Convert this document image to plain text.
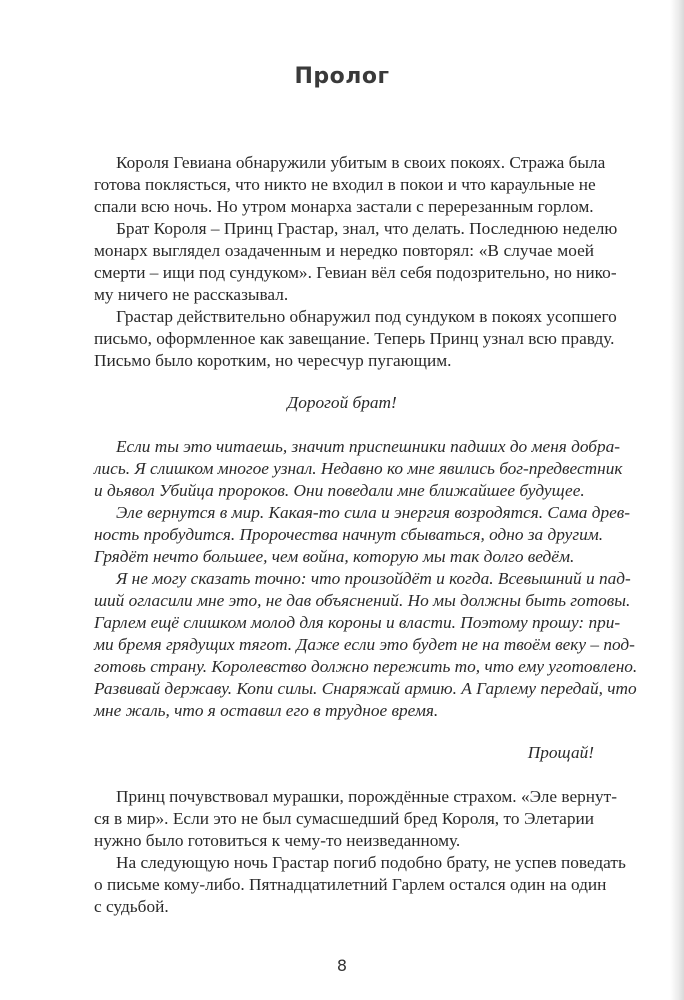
Пролог
Короля Гевиана обнаружили убитым в своих покоях. Стража была
готова поклясться, что никто не входил в покои и что караульные не
спали всю ночь. Но утром монарха застали с перерезанным горлом.
Брат Короля – Принц Грастар, знал, что делать. Последнюю неделю
монарх выглядел озадаченным и нередко повторял: «В случае моей
смерти – ищи под сундуком». Гевиан вёл себя подозрительно, но нико-
му ничего не рассказывал.
Грастар действительно обнаружил под сундуком в покоях усопшего
письмо, оформленное как завещание. Теперь Принц узнал всю правду.
Письмо было коротким, но чересчур пугающим.
Дорогой брат!
Если ты это читаешь, значит приспешники падших до меня добра-
лись. Я слишком многое узнал. Недавно ко мне явились бог-предвестник
и дьявол Убийца пророков. Они поведали мне ближайшее будущее.
Эле вернутся в мир. Какая-то сила и энергия возродятся. Сама древ-
ность пробудится. Пророчества начнут сбываться, одно за другим.
Грядёт нечто большее, чем война, которую мы так долго ведём.
Я не могу сказать точно: что произойдёт и когда. Всевышний и пад-
ший огласили мне это, не дав объяснений. Но мы должны быть готовы.
Гарлем ещё слишком молод для короны и власти. Поэтому прошу: при-
ми бремя грядущих тягот. Даже если это будет не на твоём веку – под-
готовь страну. Королевство должно пережить то, что ему уготовлено.
Развивай державу. Копи силы. Снаряжай армию. А Гарлему передай, что
мне жаль, что я оставил его в трудное время.
Прощай!
Принц почувствовал мурашки, порождённые страхом. «Эле вернут-
ся в мир». Если это не был сумасшедший бред Короля, то Элетарии
нужно было готовиться к чему-то неизведанному.
На следующую ночь Грастар погиб подобно брату, не успев поведать
о письме кому-либо. Пятнадцатилетний Гарлем остался один на один
с судьбой.
8
